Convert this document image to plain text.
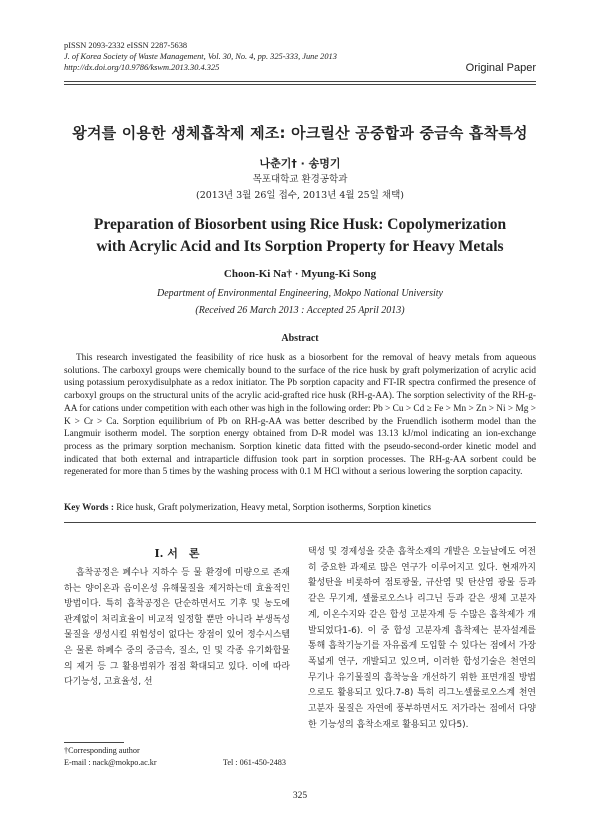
pISSN 2093-2332 eISSN 2287-5638
J. of Korea Society of Waste Management, Vol. 30, No. 4, pp. 325-333, June 2013
http://dx.doi.org/10.9786/kswm.2013.30.4.325	Original Paper
왕겨를 이용한 생체흡착제 제조: 아크릴산 공중합과 중금속 흡착특성
나춘기† · 송명기
목포대학교 환경공학과
(2013년 3월 26일 접수, 2013년 4월 25일 채택)
Preparation of Biosorbent using Rice Husk: Copolymerization
with Acrylic Acid and Its Sorption Property for Heavy Metals
Choon-Ki Na† · Myung-Ki Song
Department of Environmental Engineering, Mokpo National University
(Received 26 March 2013 : Accepted 25 April 2013)
Abstract

This research investigated the feasibility of rice husk as a biosorbent for the removal of heavy metals from aqueous solutions. The carboxyl groups were chemically bound to the surface of the rice husk by graft polymerization of acrylic acid using potassium peroxydisulphate as a redox initiator. The Pb sorption capacity and FT-IR spectra confirmed the presence of carboxyl groups on the structural units of the acrylic acid-grafted rice husk (RH-g-AA). The sorption selectivity of the RH-g-AA for cations under competition with each other was high in the following order: Pb > Cu > Cd ≥ Fe > Mn > Zn > Ni > Mg > K > Cr > Ca. Sorption equilibrium of Pb on RH-g-AA was better described by the Fruendlich isotherm model than the Langmuir isotherm model. The sorption energy obtained from D-R model was 13.13 kJ/mol indicating an ion-exchange process as the primary sorption mechanism. Sorption kinetic data fitted with the pseudo-second-order kinetic model and indicated that both external and intraparticle diffusion took part in sorption processes. The RH-g-AA sorbent could be regenerated for more than 5 times by the washing process with 0.1 M HCl without a serious lowering the sorption capacity.

Key Words : Rice husk, Graft polymerization, Heavy metal, Sorption isotherms, Sorption kinetics
I. 서　론

흡착공정은 폐수나 지하수 등 물 환경에 미량으로 존재하는 양이온과 음이온성 유해물질을 제거하는데 효율적인 방법이다. 특히 흡착공정은 단순하면서도 기후 및 농도에 관계없이 처리효율이 비교적 일정할 뿐만 아니라 부생독성물질을 생성시킬 위험성이 없다는 장점이 있어 정수시스템은 물론 하폐수 중의 중금속, 질소, 인 및 각종 유기화합물의 제거 등 그 활용범위가 점점 확대되고 있다. 이에 따라 다기능성, 고효율성, 선

택성 및 경제성을 갖춘 흡착소재의 개발은 오늘날에도 여전히 중요한 과제로 많은 연구가 이루어지고 있다. 현재까지 활성탄을 비롯하여 점토광물, 규산염 및 탄산염 광물 등과 같은 무기계, 셀룰로오스나 리그닌 등과 같은 생체 고분자계, 이온수지와 같은 합성 고분자계 등 수많은 흡착제가 개발되었다1-6). 이 중 합성 고분자계 흡착제는 분자설계를 통해 흡착기능기를 자유롭게 도입할 수 있다는 점에서 가장 폭넓게 연구, 개발되고 있으며, 이러한 합성기술은 천연의 무기나 유기물질의 흡착능을 개선하기 위한 표면개질 방법으로도 활용되고 있다.7-8) 특히 리그노셀룰로오스계 천연 고분자 물질은 자연에 풍부하면서도 저가라는 점에서 다양한 기능성의 흡착소재로 활용되고 있다5).

†Corresponding author
E-mail : nack@mokpo.ac.kr	Tel : 061-450-2483
325
